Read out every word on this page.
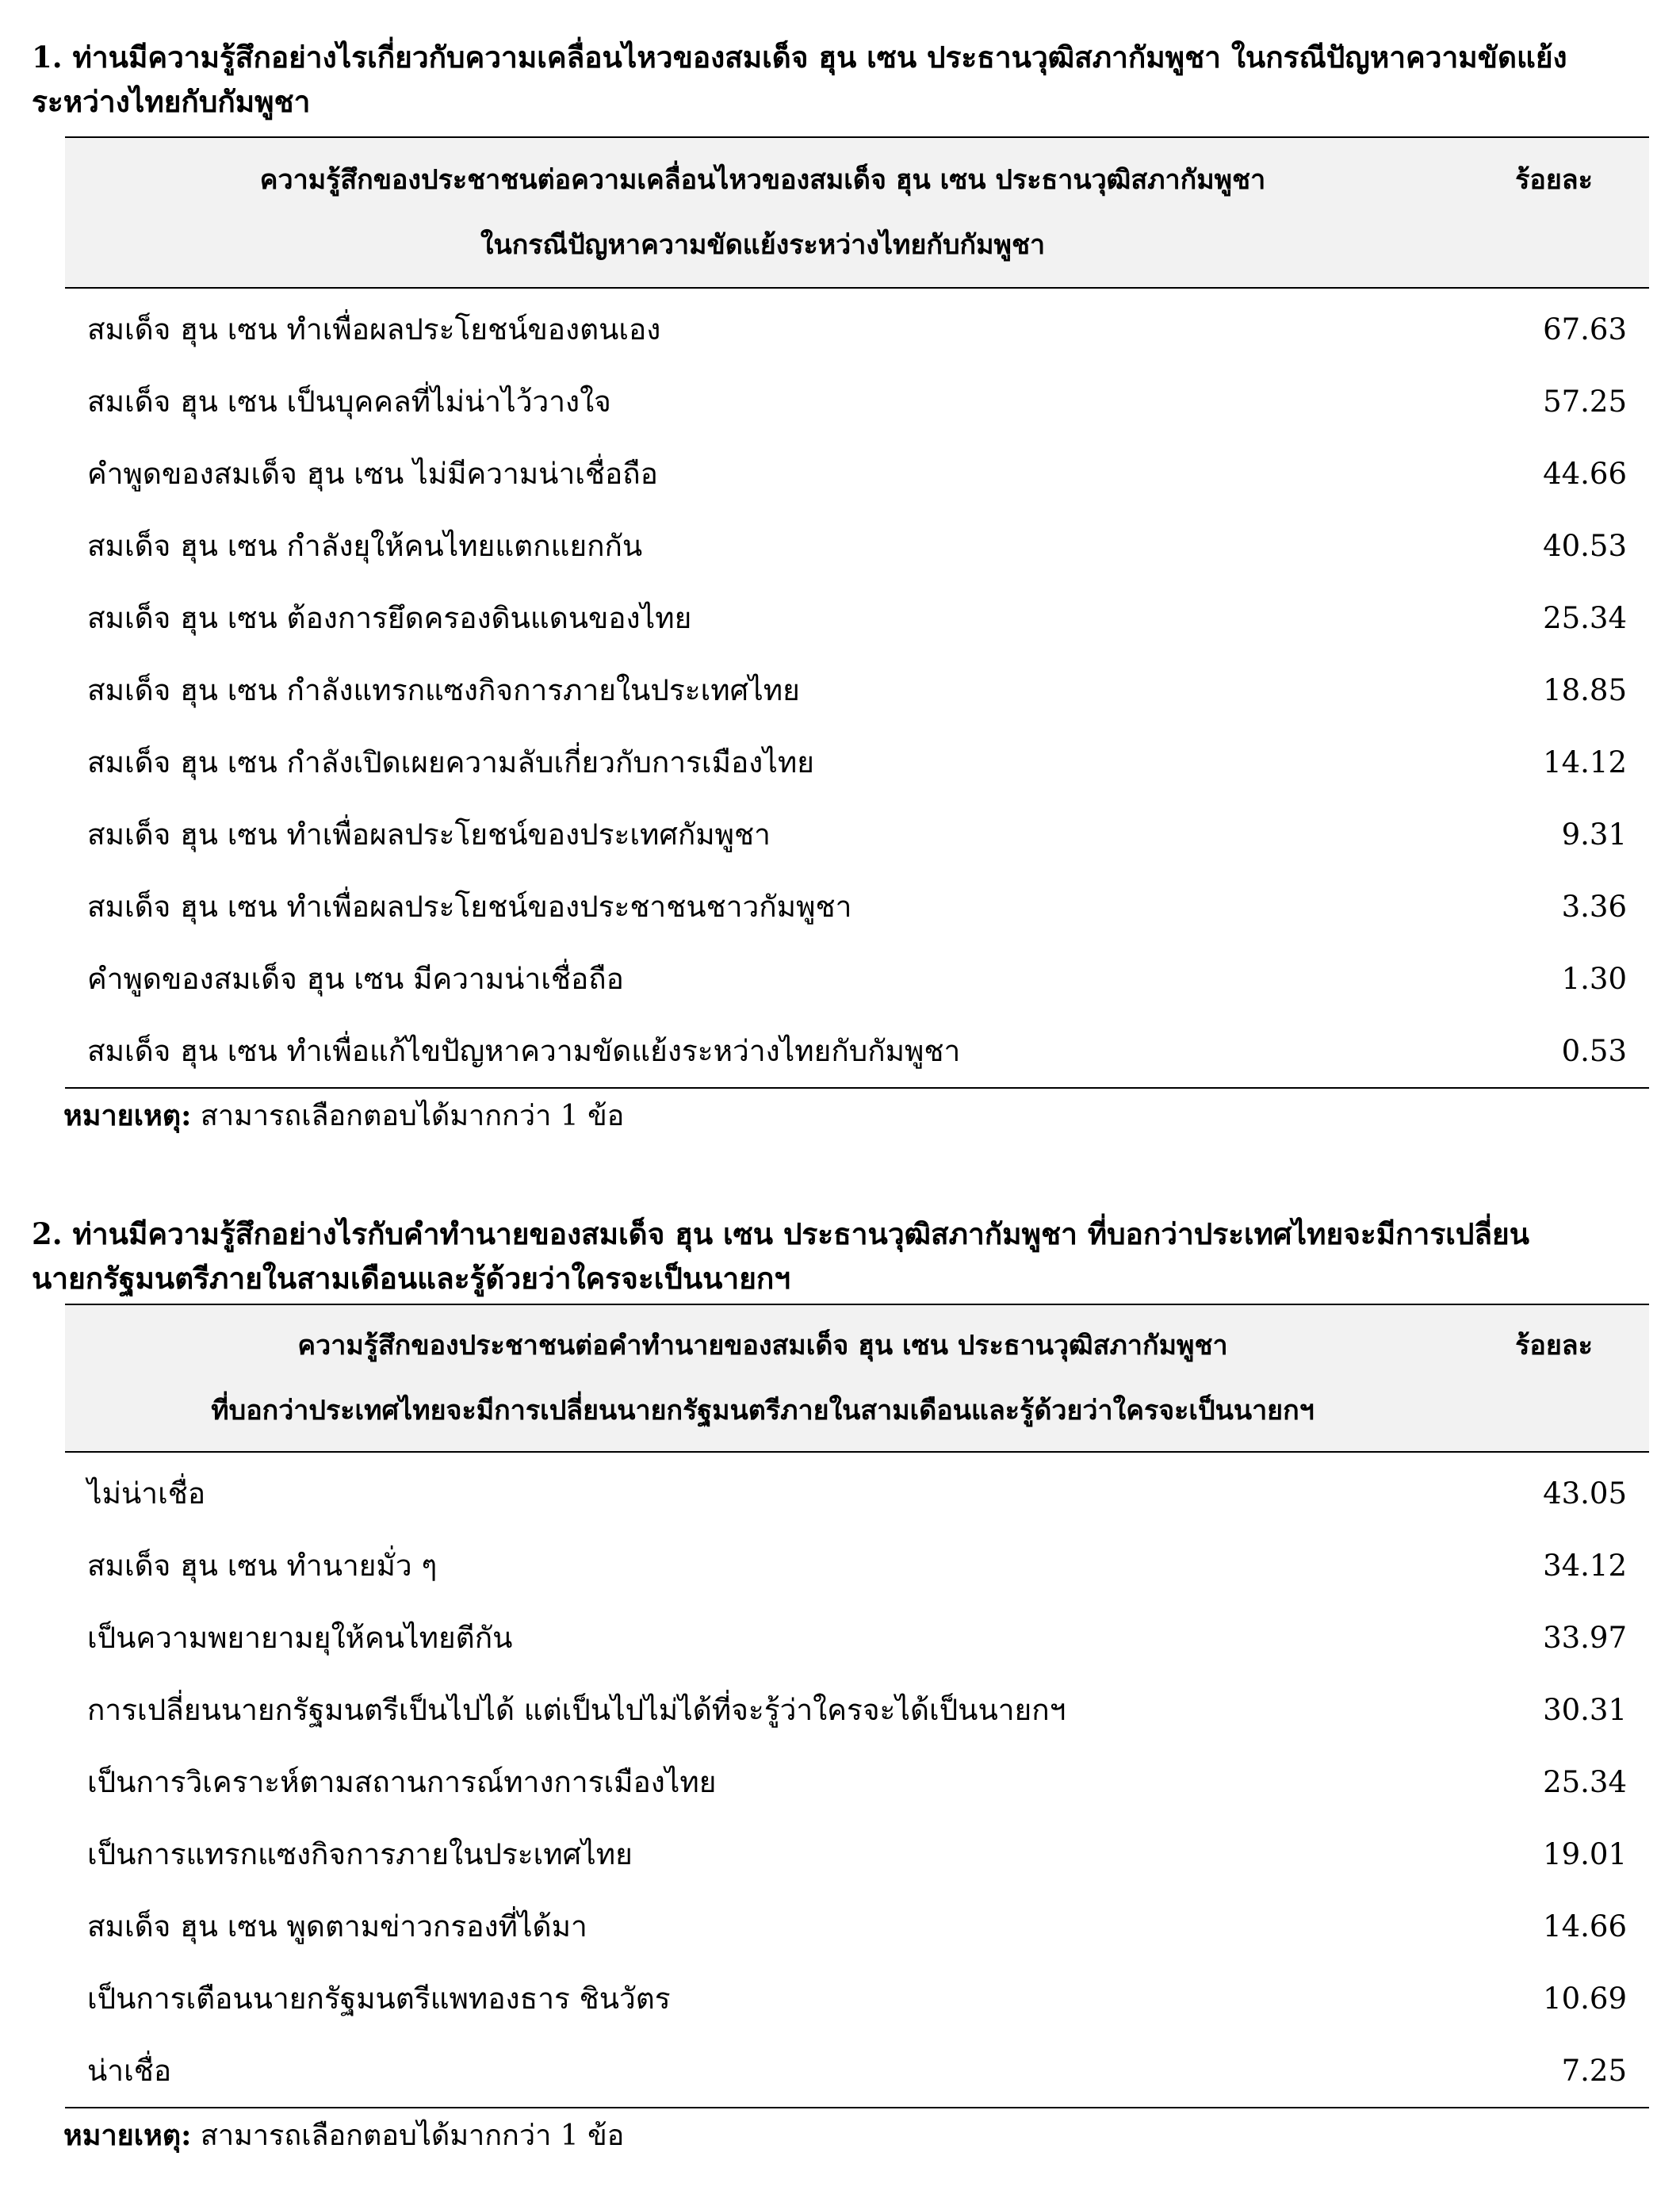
1. ท่านมีความรู้สึกอย่างไรเกี่ยวกับความเคลื่อนไหวของสมเด็จ ฮุน เซน ประธานวุฒิสภากัมพูชา ในกรณีปัญหาความขัดแย้ง
ระหว่างไทยกับกัมพูชา

ความรู้สึกของประชาชนต่อความเคลื่อนไหวของสมเด็จ ฮุน เซน ประธานวุฒิสภากัมพูชา
ในกรณีปัญหาความขัดแย้งระหว่างไทยกับกัมพูชา
ร้อยละ
สมเด็จ ฮุน เซน ทำเพื่อผลประโยชน์ของตนเอง	67.63
สมเด็จ ฮุน เซน เป็นบุคคลที่ไม่น่าไว้วางใจ	57.25
คำพูดของสมเด็จ ฮุน เซน ไม่มีความน่าเชื่อถือ	44.66
สมเด็จ ฮุน เซน กำลังยุให้คนไทยแตกแยกกัน	40.53
สมเด็จ ฮุน เซน ต้องการยึดครองดินแดนของไทย	25.34
สมเด็จ ฮุน เซน กำลังแทรกแซงกิจการภายในประเทศไทย	18.85
สมเด็จ ฮุน เซน กำลังเปิดเผยความลับเกี่ยวกับการเมืองไทย	14.12
สมเด็จ ฮุน เซน ทำเพื่อผลประโยชน์ของประเทศกัมพูชา	9.31
สมเด็จ ฮุน เซน ทำเพื่อผลประโยชน์ของประชาชนชาวกัมพูชา	3.36
คำพูดของสมเด็จ ฮุน เซน มีความน่าเชื่อถือ	1.30
สมเด็จ ฮุน เซน ทำเพื่อแก้ไขปัญหาความขัดแย้งระหว่างไทยกับกัมพูชา	0.53
หมายเหตุ: สามารถเลือกตอบได้มากกว่า 1 ข้อ

2. ท่านมีความรู้สึกอย่างไรกับคำทำนายของสมเด็จ ฮุน เซน ประธานวุฒิสภากัมพูชา ที่บอกว่าประเทศไทยจะมีการเปลี่ยน
นายกรัฐมนตรีภายในสามเดือนและรู้ด้วยว่าใครจะเป็นนายกฯ

ความรู้สึกของประชาชนต่อคำทำนายของสมเด็จ ฮุน เซน ประธานวุฒิสภากัมพูชา
ที่บอกว่าประเทศไทยจะมีการเปลี่ยนนายกรัฐมนตรีภายในสามเดือนและรู้ด้วยว่าใครจะเป็นนายกฯ
ร้อยละ
ไม่น่าเชื่อ	43.05
สมเด็จ ฮุน เซน ทำนายมั่ว ๆ	34.12
เป็นความพยายามยุให้คนไทยตีกัน	33.97
การเปลี่ยนนายกรัฐมนตรีเป็นไปได้ แต่เป็นไปไม่ได้ที่จะรู้ว่าใครจะได้เป็นนายกฯ	30.31
เป็นการวิเคราะห์ตามสถานการณ์ทางการเมืองไทย	25.34
เป็นการแทรกแซงกิจการภายในประเทศไทย	19.01
สมเด็จ ฮุน เซน พูดตามข่าวกรองที่ได้มา	14.66
เป็นการเตือนนายกรัฐมนตรีแพทองธาร ชินวัตร	10.69
น่าเชื่อ	7.25
หมายเหตุ: สามารถเลือกตอบได้มากกว่า 1 ข้อ
